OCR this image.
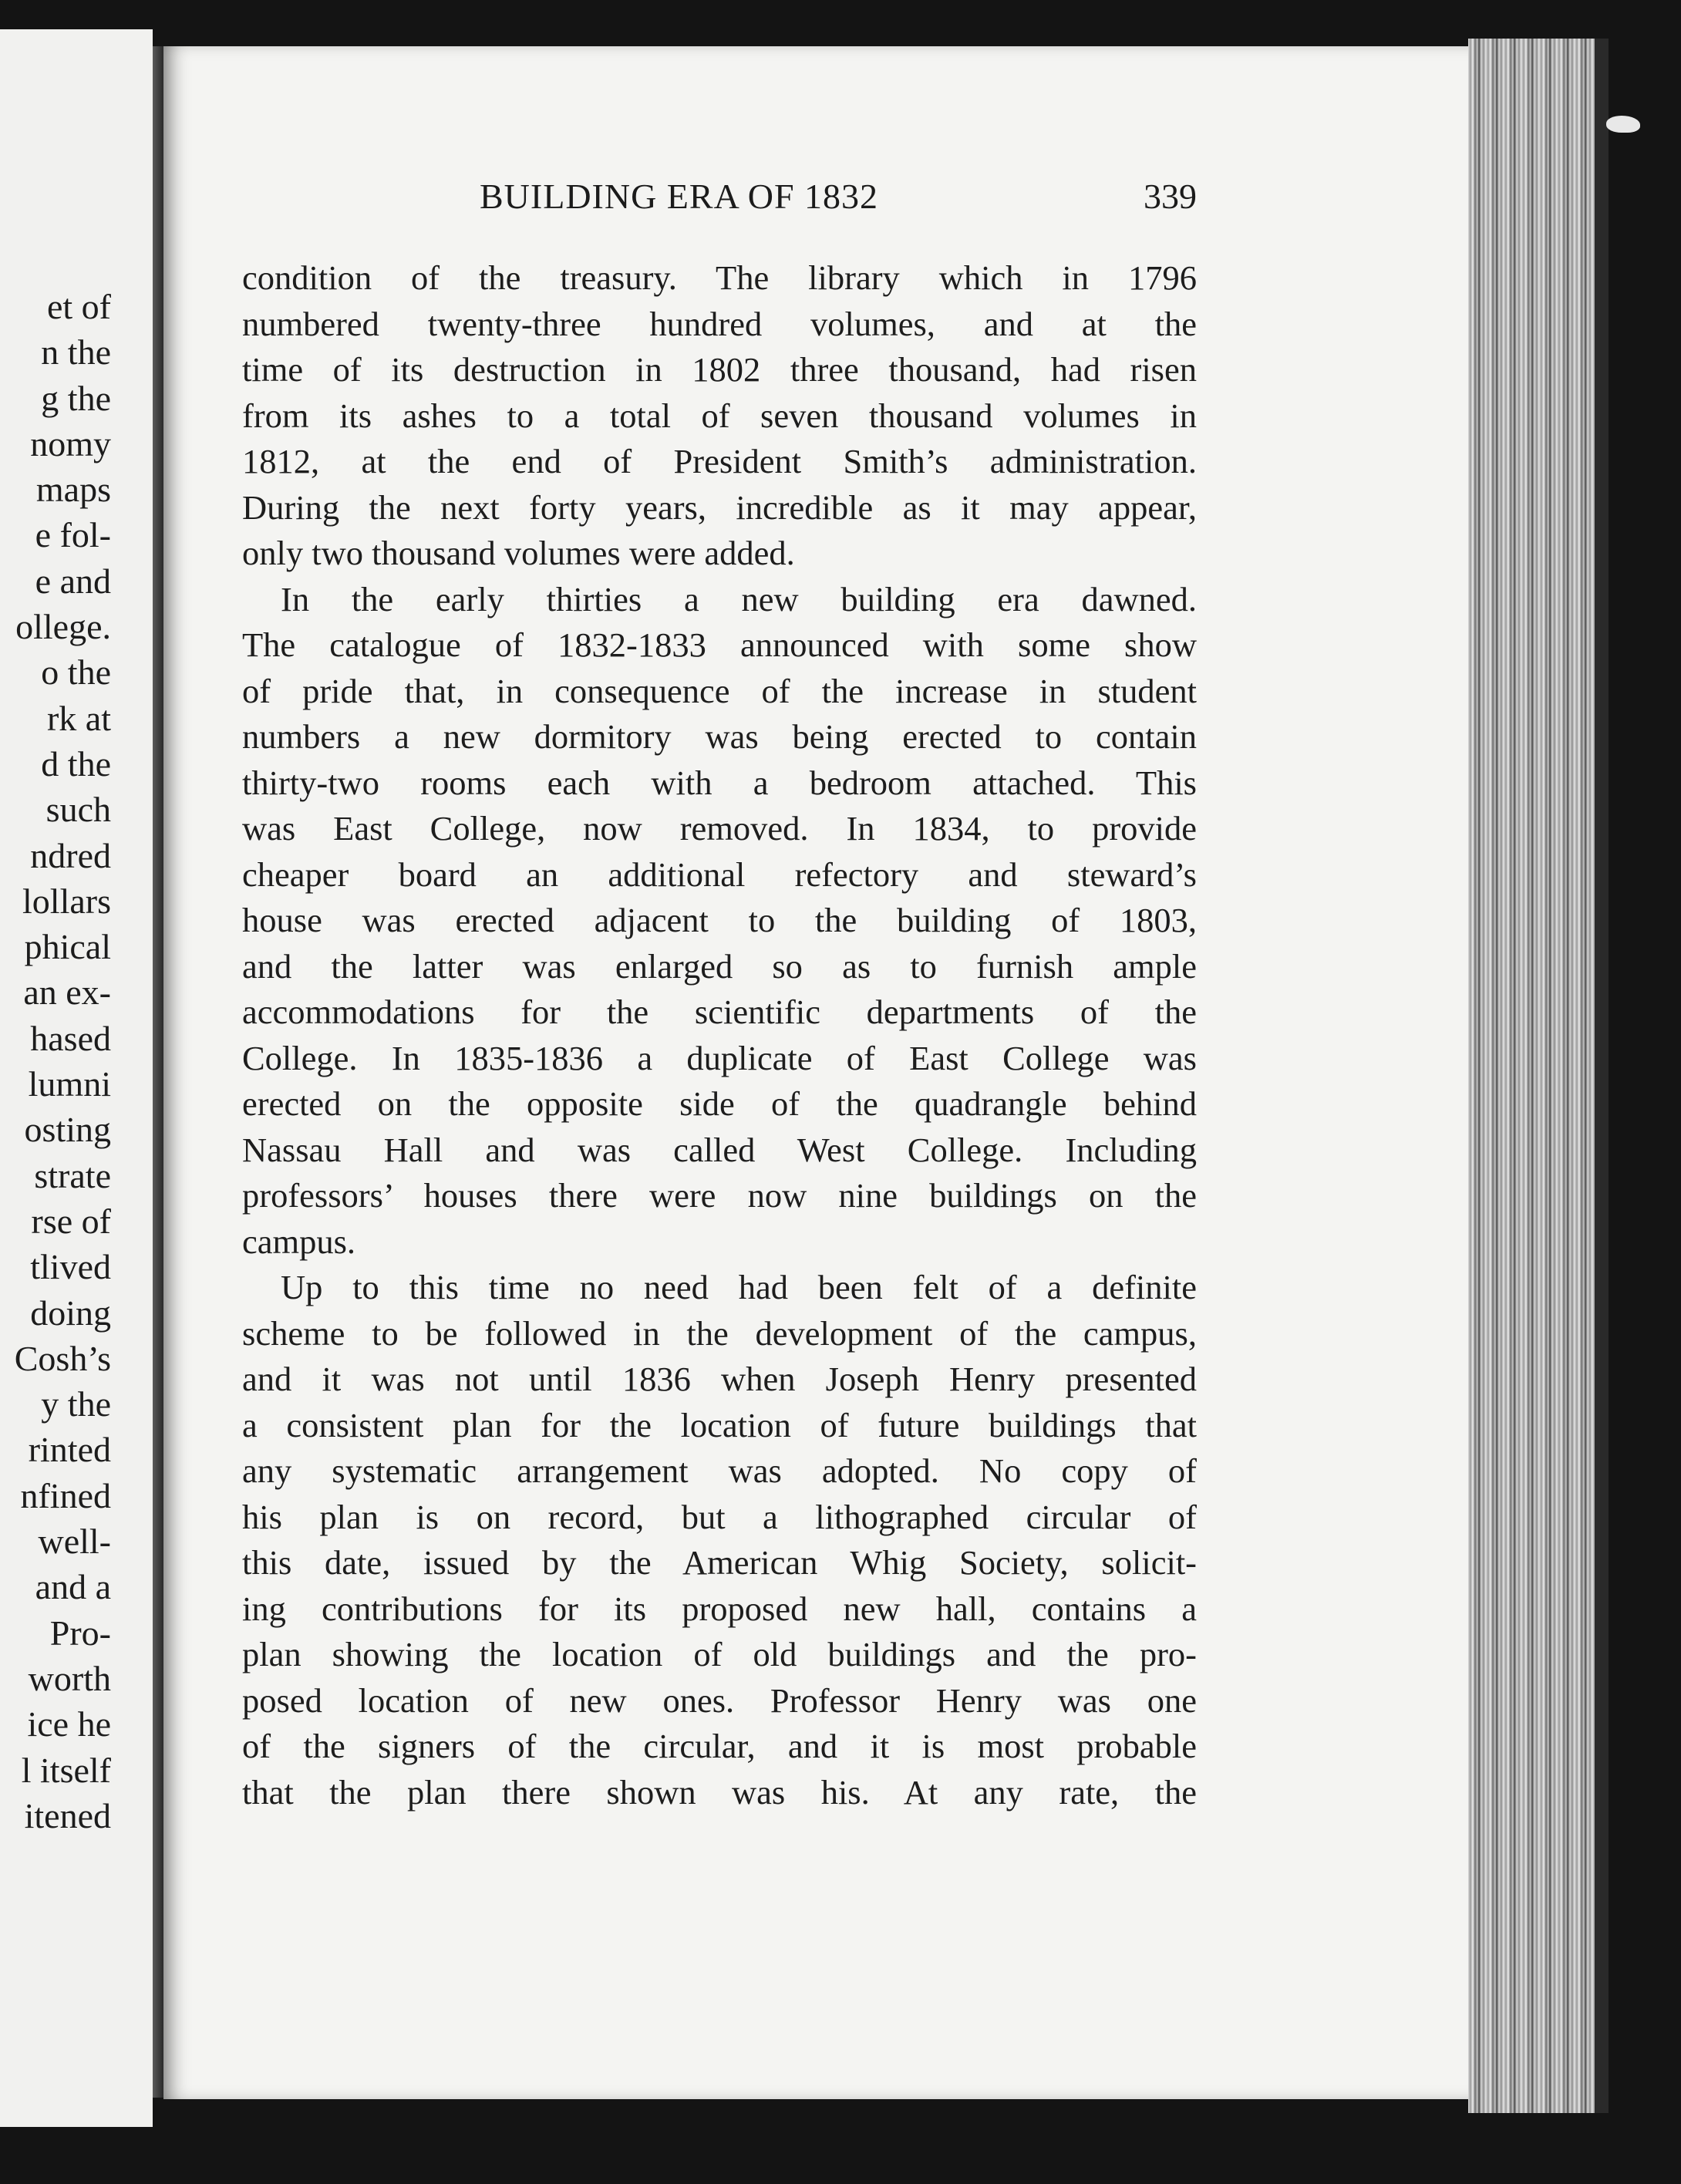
et of
n the
g the
nomy
maps
e fol-
e and
ollege.
o the
rk at
d the
such
ndred
lollars
phical
an ex-
hased
lumni
osting
strate
rse of
tlived
doing
Cosh’s
y the
rinted
nfined
well-
and a
Pro-
worth
ice he
l itself
itened
BUILDING ERA OF 1832	339
condition of the treasury. The library which in 1796
numbered twenty-three hundred volumes, and at the
time of its destruction in 1802 three thousand, had risen
from its ashes to a total of seven thousand volumes in
1812, at the end of President Smith’s administration.
During the next forty years, incredible as it may appear,
only two thousand volumes were added.
In the early thirties a new building era dawned.
The catalogue of 1832-1833 announced with some show
of pride that, in consequence of the increase in student
numbers a new dormitory was being erected to contain
thirty-two rooms each with a bedroom attached. This
was East College, now removed. In 1834, to provide
cheaper board an additional refectory and steward’s
house was erected adjacent to the building of 1803,
and the latter was enlarged so as to furnish ample
accommodations for the scientific departments of the
College. In 1835-1836 a duplicate of East College was
erected on the opposite side of the quadrangle behind
Nassau Hall and was called West College. Including
professors’ houses there were now nine buildings on the
campus.
Up to this time no need had been felt of a definite
scheme to be followed in the development of the campus,
and it was not until 1836 when Joseph Henry presented
a consistent plan for the location of future buildings that
any systematic arrangement was adopted. No copy of
his plan is on record, but a lithographed circular of
this date, issued by the American Whig Society, solicit-
ing contributions for its proposed new hall, contains a
plan showing the location of old buildings and the pro-
posed location of new ones. Professor Henry was one
of the signers of the circular, and it is most probable
that the plan there shown was his. At any rate, the
